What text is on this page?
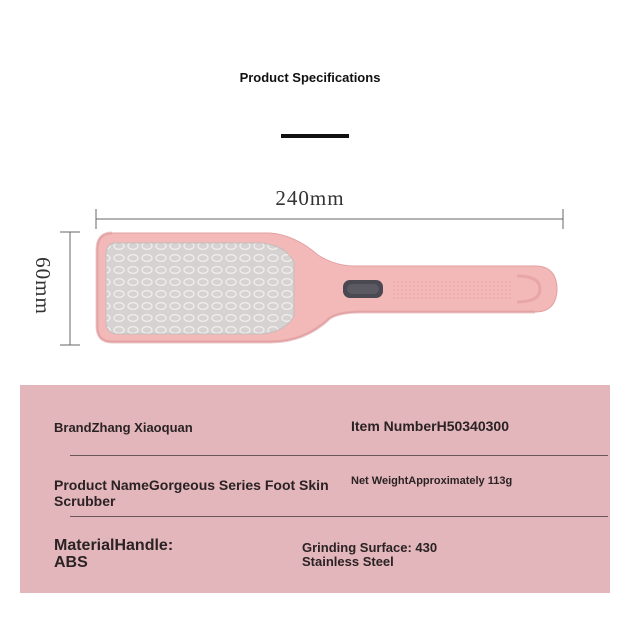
Product Specifications
240mm
60mm
BrandZhang Xiaoquan	Item NumberH50340300
Product NameGorgeous Series Foot Skin Scrubber
Net WeightApproximately 113g
MaterialHandle:
ABS
Grinding Surface: 430 Stainless Steel
